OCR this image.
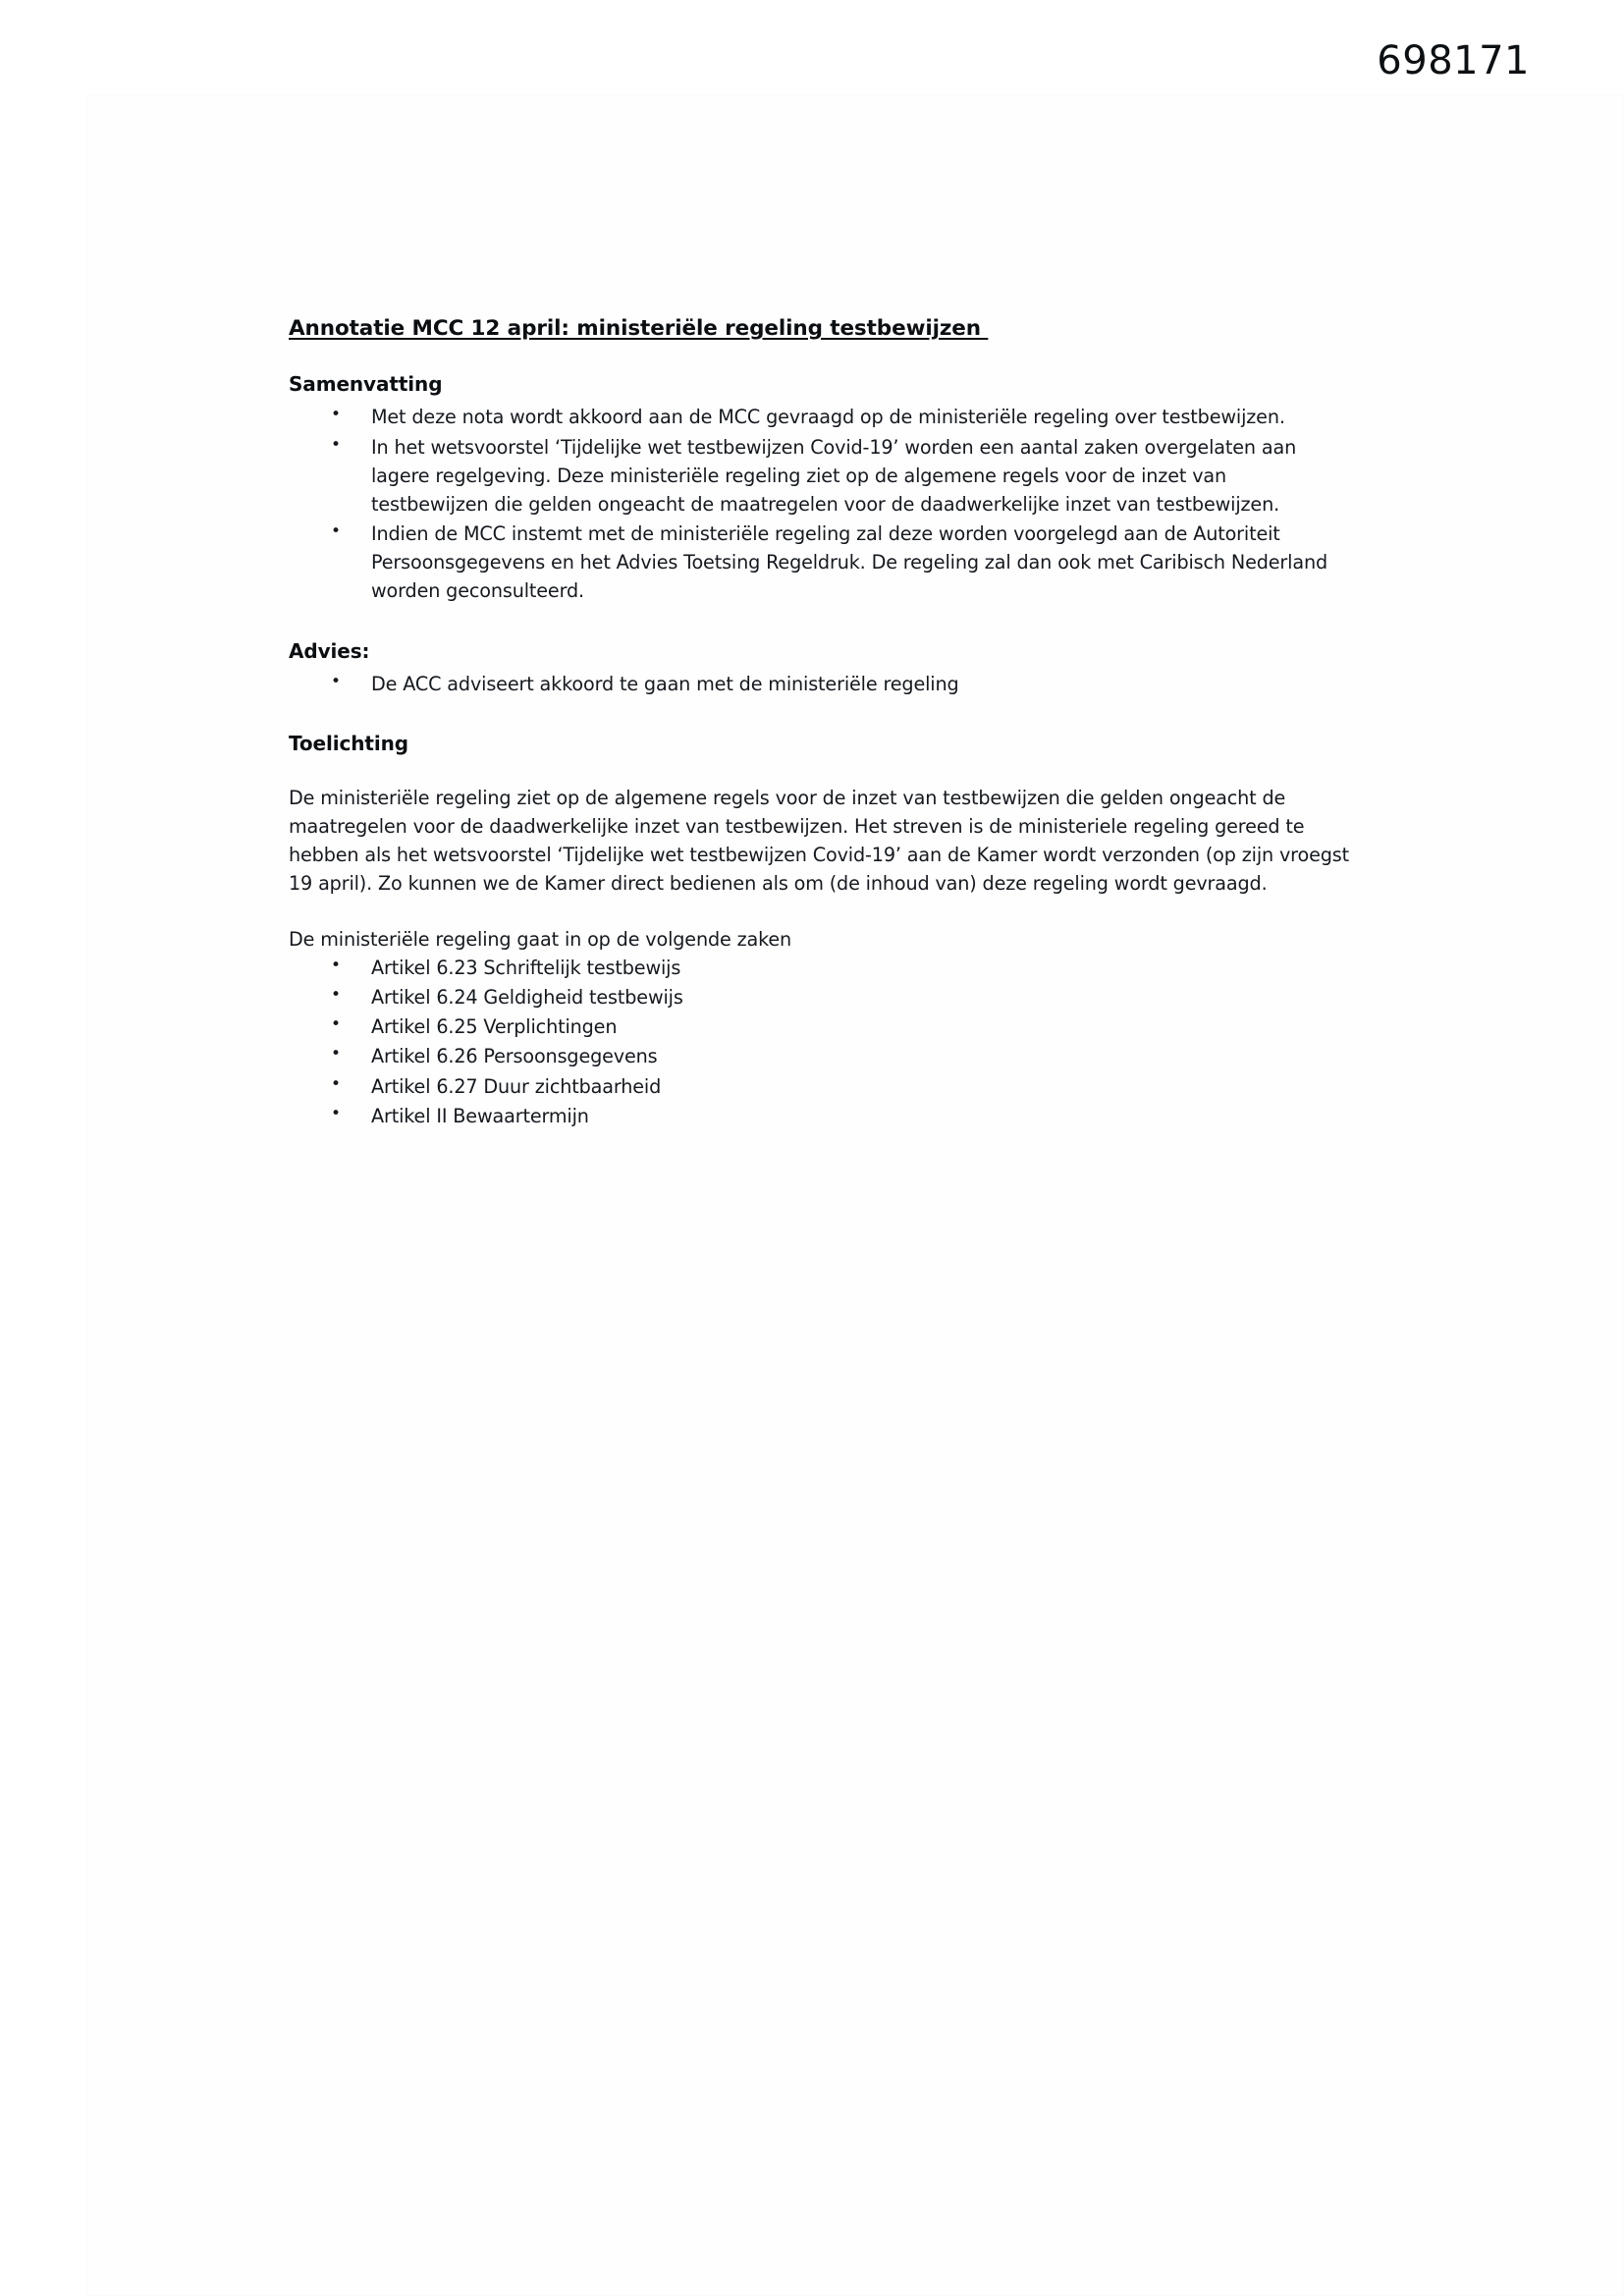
698171
Annotatie MCC 12 april: ministeriële regeling testbewijzen
Samenvatting
• Met deze nota wordt akkoord aan de MCC gevraagd op de ministeriële regeling over testbewijzen.
• In het wetsvoorstel ‘Tijdelijke wet testbewijzen Covid-19’ worden een aantal zaken overgelaten aan lagere regelgeving. Deze ministeriële regeling ziet op de algemene regels voor de inzet van testbewijzen die gelden ongeacht de maatregelen voor de daadwerkelijke inzet van testbewijzen.
• Indien de MCC instemt met de ministeriële regeling zal deze worden voorgelegd aan de Autoriteit Persoonsgegevens en het Advies Toetsing Regeldruk. De regeling zal dan ook met Caribisch Nederland worden geconsulteerd.
Advies:
• De ACC adviseert akkoord te gaan met de ministeriële regeling
Toelichting

De ministeriële regeling ziet op de algemene regels voor de inzet van testbewijzen die gelden ongeacht de maatregelen voor de daadwerkelijke inzet van testbewijzen. Het streven is de ministeriele regeling gereed te hebben als het wetsvoorstel ‘Tijdelijke wet testbewijzen Covid-19’ aan de Kamer wordt verzonden (op zijn vroegst 19 april). Zo kunnen we de Kamer direct bedienen als om (de inhoud van) deze regeling wordt gevraagd.

De ministeriële regeling gaat in op de volgende zaken

• Artikel 6.23 Schriftelijk testbewijs
• Artikel 6.24 Geldigheid testbewijs
• Artikel 6.25 Verplichtingen
• Artikel 6.26 Persoonsgegevens
• Artikel 6.27 Duur zichtbaarheid
• Artikel II Bewaartermijn
